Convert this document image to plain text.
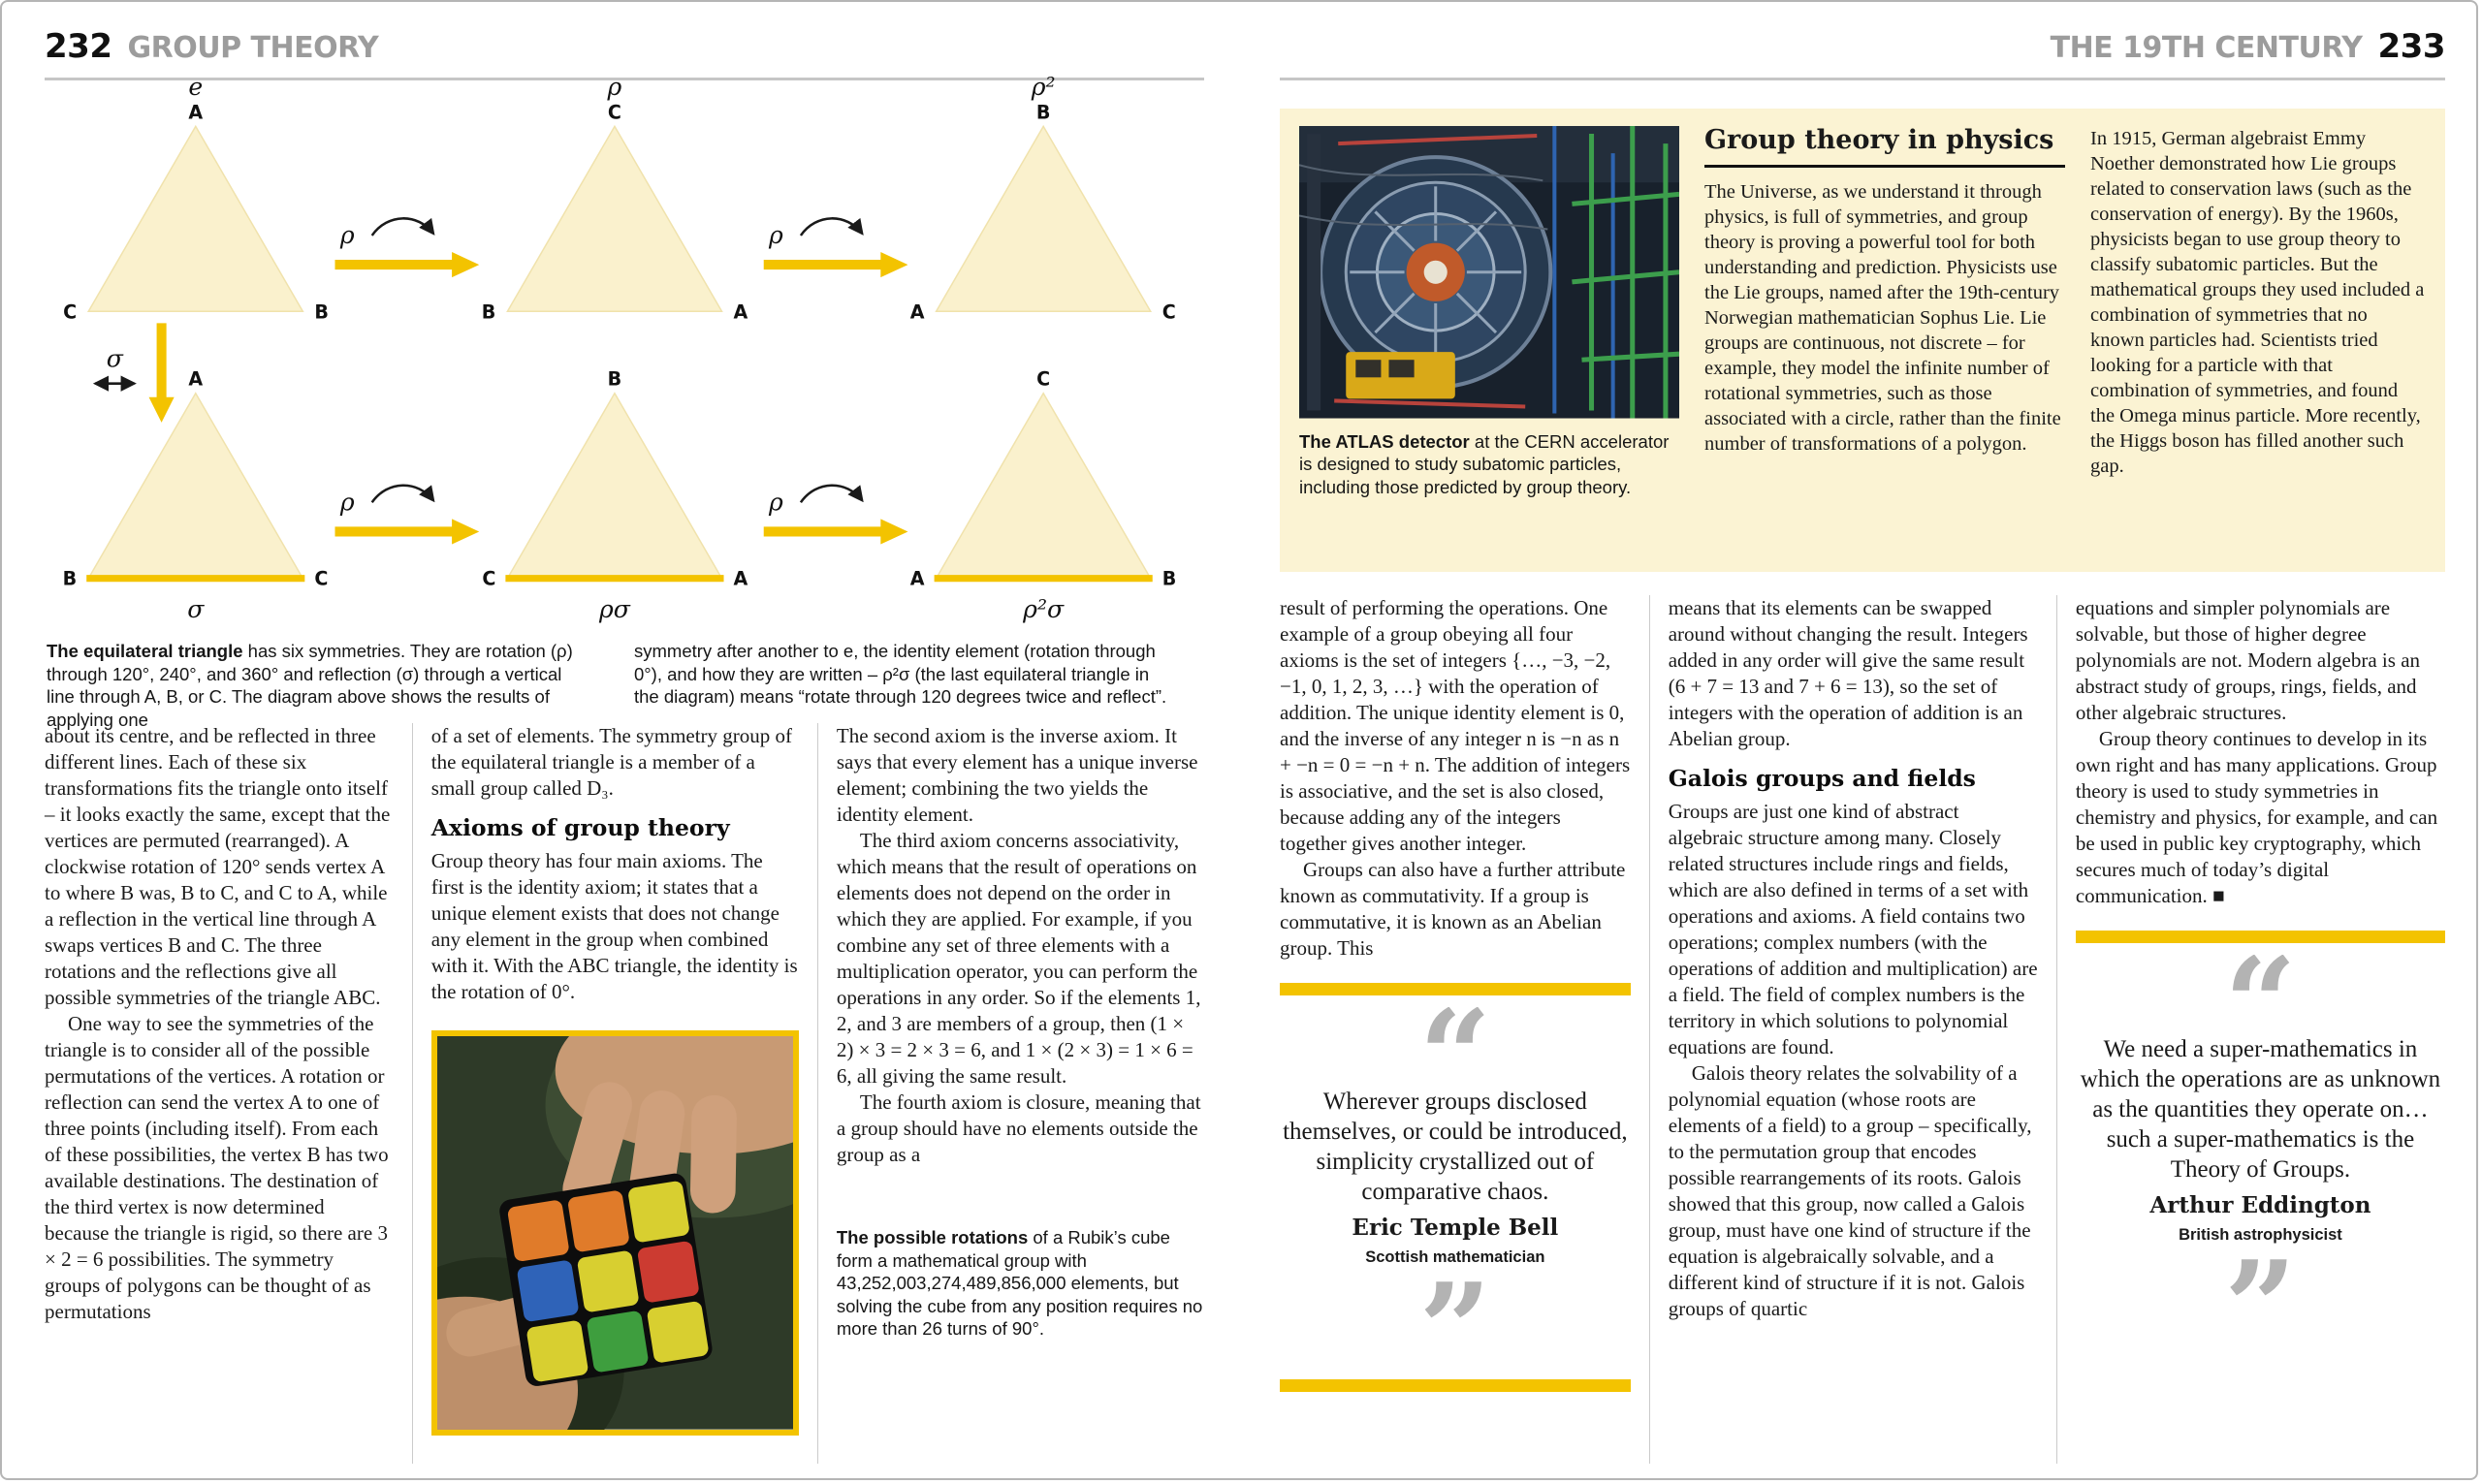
232 GROUP THEORY
e
A
C	B
ρ
C
B	A
ρ²
B
A	C
A
B	C
σ
B
C	A
ρσ
C
A	B
ρ²σ
ρ	ρ
ρ	ρ
σ
The equilateral triangle has six symmetries. They are rotation (ρ) through 120°, 240°, and 360° and reflection (σ) through a vertical line through A, B, or C. The diagram above shows the results of applying one
symmetry after another to e, the identity element (rotation through 0°), and how they are written – ρ²σ (the last equilateral triangle in the diagram) means “rotate through 120 degrees twice and reflect”.

about its centre, and be reflected in three different lines. Each of these six transformations fits the triangle onto itself – it looks exactly the same, except that the vertices are permuted (rearranged). A clockwise rotation of 120° sends vertex A to where B was, B to C, and C to A, while a reflection in the vertical line through A swaps vertices B and C. The three rotations and the reflections give all possible symmetries of the triangle ABC.

One way to see the symmetries of the triangle is to consider all of the possible permutations of the vertices. A rotation or reflection can send the vertex A to one of three points (including itself). From each of these possibilities, the vertex B has two available destinations. The destination of the third vertex is now determined because the triangle is rigid, so there are 3 × 2 = 6 possibilities. The symmetry groups of polygons can be thought of as permutations

of a set of elements. The symmetry group of the equilateral triangle is a member of a small group called D₃.

Axioms of group theory

Group theory has four main axioms. The first is the identity axiom; it states that a unique element exists that does not change any element in the group when combined with it. With the ABC triangle, the identity is the rotation of 0°.

The second axiom is the inverse axiom. It says that every element has a unique inverse element; combining the two yields the identity element.

The third axiom concerns associativity, which means that the result of operations on elements does not depend on the order in which they are applied. For example, if you combine any set of three elements with a multiplication operator, you can perform the operations in any order. So if the elements 1, 2, and 3 are members of a group, then (1 × 2) × 3 = 2 × 3 = 6, and 1 × (2 × 3) = 1 × 6 = 6, all giving the same result.

The fourth axiom is closure, meaning that a group should have no elements outside the group as a

The possible rotations of a Rubik’s cube form a mathematical group with 43,252,003,274,489,856,000 elements, but solving the cube from any position requires no more than 26 turns of 90°.
THE 19TH CENTURY 233
The ATLAS detector at the CERN accelerator is designed to study subatomic particles, including those predicted by group theory.
Group theory in physics
The Universe, as we understand it through physics, is full of symmetries, and group theory is proving a powerful tool for both understanding and prediction. Physicists use the Lie groups, named after the 19th-century Norwegian mathematician Sophus Lie. Lie groups are continuous, not discrete – for example, they model the infinite number of rotational symmetries, such as those associated with a circle, rather than the finite number of transformations of a polygon.
In 1915, German algebraist Emmy Noether demonstrated how Lie groups related to conservation laws (such as the conservation of energy). By the 1960s, physicists began to use group theory to classify subatomic particles. But the mathematical groups they used included a combination of symmetries that no known particles had. Scientists tried looking for a particle with that combination of symmetries, and found the Omega minus particle. More recently, the Higgs boson has filled another such gap.

result of performing the operations. One example of a group obeying all four axioms is the set of integers {…, −3, −2, −1, 0, 1, 2, 3, …} with the operation of addition. The unique identity element is 0, and the inverse of any integer n is −n as n + −n = 0 = −n + n. The addition of integers is associative, and the set is also closed, because adding any of the integers together gives another integer.

Groups can also have a further attribute known as commutativity. If a group is commutative, it is known as an Abelian group. This

“
Wherever groups disclosed themselves, or could be introduced, simplicity crystallized out of comparative chaos.
Eric Temple Bell
Scottish mathematician
”

means that its elements can be swapped around without changing the result. Integers added in any order will give the same result (6 + 7 = 13 and 7 + 6 = 13), so the set of integers with the operation of addition is an Abelian group.

Galois groups and fields

Groups are just one kind of abstract algebraic structure among many. Closely related structures include rings and fields, which are also defined in terms of a set with operations and axioms. A field contains two operations; complex numbers (with the operations of addition and multiplication) are a field. The field of complex numbers is the territory in which solutions to polynomial equations are found.

Galois theory relates the solvability of a polynomial equation (whose roots are elements of a field) to a group – specifically, to the permutation group that encodes possible rearrangements of its roots. Galois showed that this group, now called a Galois group, must have one kind of structure if the equation is algebraically solvable, and a different kind of structure if it is not. Galois groups of quartic

equations and simpler polynomials are solvable, but those of higher degree polynomials are not. Modern algebra is an abstract study of groups, rings, fields, and other algebraic structures.

Group theory continues to develop in its own right and has many applications. Group theory is used to study symmetries in chemistry and physics, for example, and can be used in public key cryptography, which secures much of today’s digital communication. ■

“
We need a super-mathematics in which the operations are as unknown as the quantities they operate on… such a super-mathematics is the Theory of Groups.
Arthur Eddington
British astrophysicist
”
